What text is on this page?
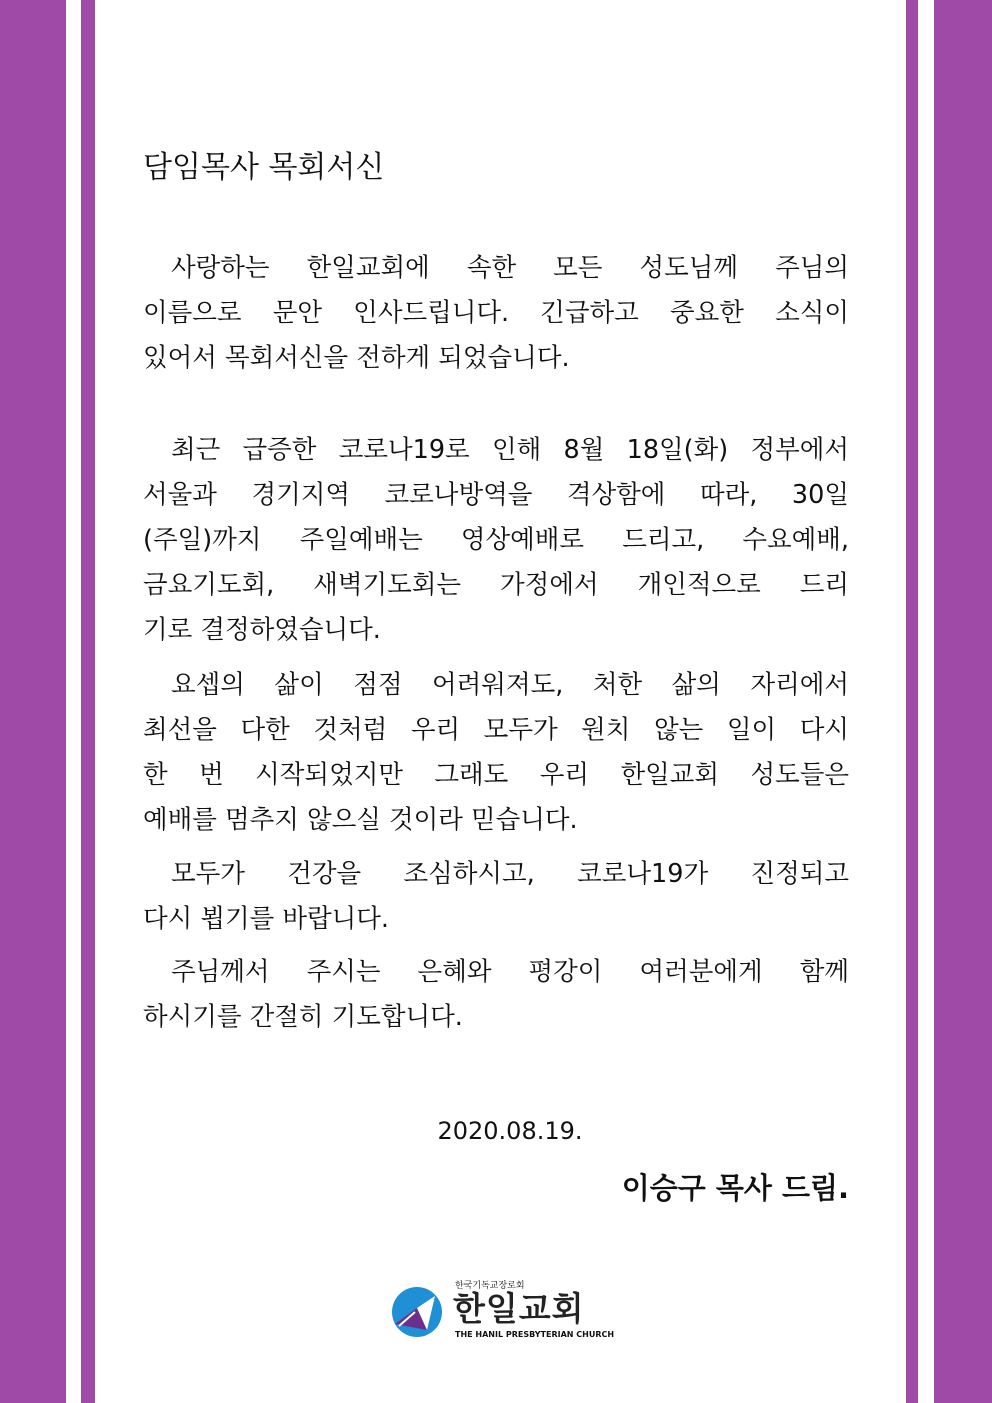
담임목사 목회서신
사랑하는 한일교회에 속한 모든 성도님께 주님의
이름으로 문안 인사드립니다. 긴급하고 중요한 소식이
있어서 목회서신을 전하게 되었습니다.
최근 급증한 코로나19로 인해 8월 18일(화) 정부에서
서울과 경기지역 코로나방역을 격상함에 따라, 30일
(주일)까지 주일예배는 영상예배로 드리고, 수요예배,
금요기도회, 새벽기도회는 가정에서 개인적으로 드리
기로 결정하였습니다.
요셉의 삶이 점점 어려워져도, 처한 삶의 자리에서
최선을 다한 것처럼 우리 모두가 원치 않는 일이 다시
한 번 시작되었지만 그래도 우리 한일교회 성도들은
예배를 멈추지 않으실 것이라 믿습니다.
모두가 건강을 조심하시고, 코로나19가 진정되고
다시 뵙기를 바랍니다.
주님께서 주시는 은혜와 평강이 여러분에게 함께
하시기를 간절히 기도합니다.
2020.08.19.
이승구 목사 드림.
한국기독교장로회
한일교회
THE HANIL PRESBYTERIAN CHURCH
